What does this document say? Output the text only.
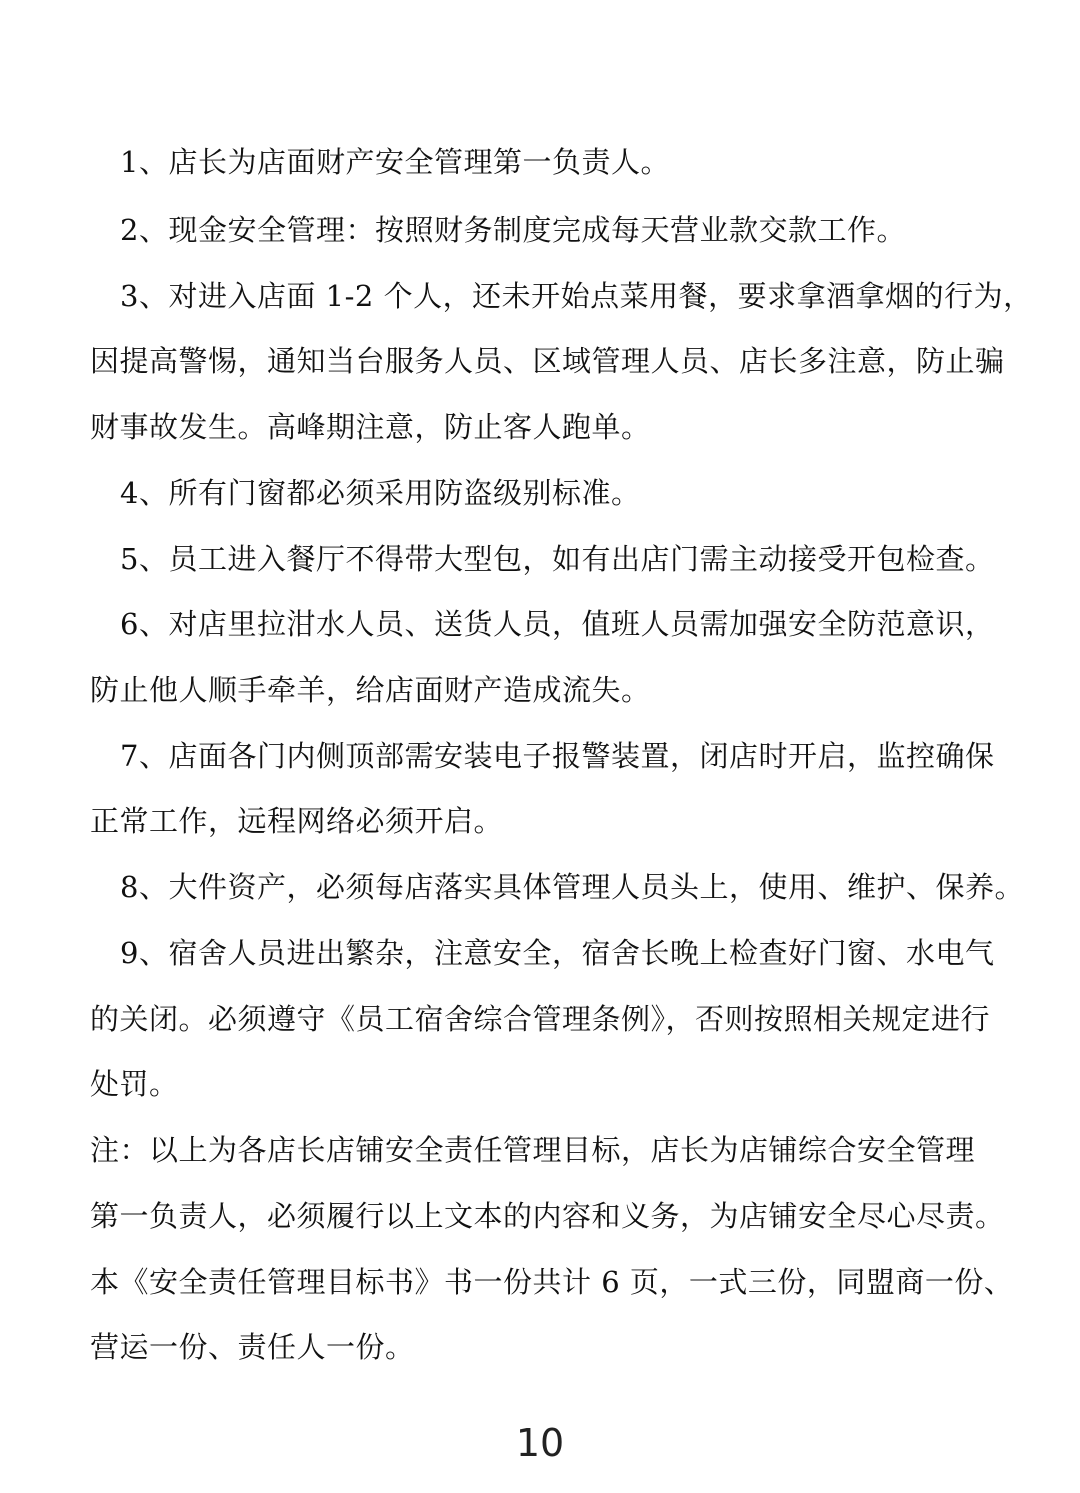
1、店长为店面财产安全管理第一负责人。
2、现金安全管理：按照财务制度完成每天营业款交款工作。
3、对进入店面 1-2 个人，还未开始点菜用餐，要求拿酒拿烟的行为，
因提高警惕，通知当台服务人员、区域管理人员、店长多注意，防止骗
财事故发生。高峰期注意，防止客人跑单。
4、所有门窗都必须采用防盗级别标准。
5、员工进入餐厅不得带大型包，如有出店门需主动接受开包检查。
6、对店里拉泔水人员、送货人员，值班人员需加强安全防范意识，
防止他人顺手牵羊，给店面财产造成流失。
7、店面各门内侧顶部需安装电子报警装置，闭店时开启，监控确保
正常工作，远程网络必须开启。
8、大件资产，必须每店落实具体管理人员头上，使用、维护、保养。
9、宿舍人员进出繁杂，注意安全，宿舍长晚上检查好门窗、水电气
的关闭。必须遵守《员工宿舍综合管理条例》，否则按照相关规定进行
处罚。
注：以上为各店长店铺安全责任管理目标，店长为店铺综合安全管理
第一负责人，必须履行以上文本的内容和义务，为店铺安全尽心尽责。
本《安全责任管理目标书》书一份共计 6 页，一式三份，同盟商一份、
营运一份、责任人一份。
10
